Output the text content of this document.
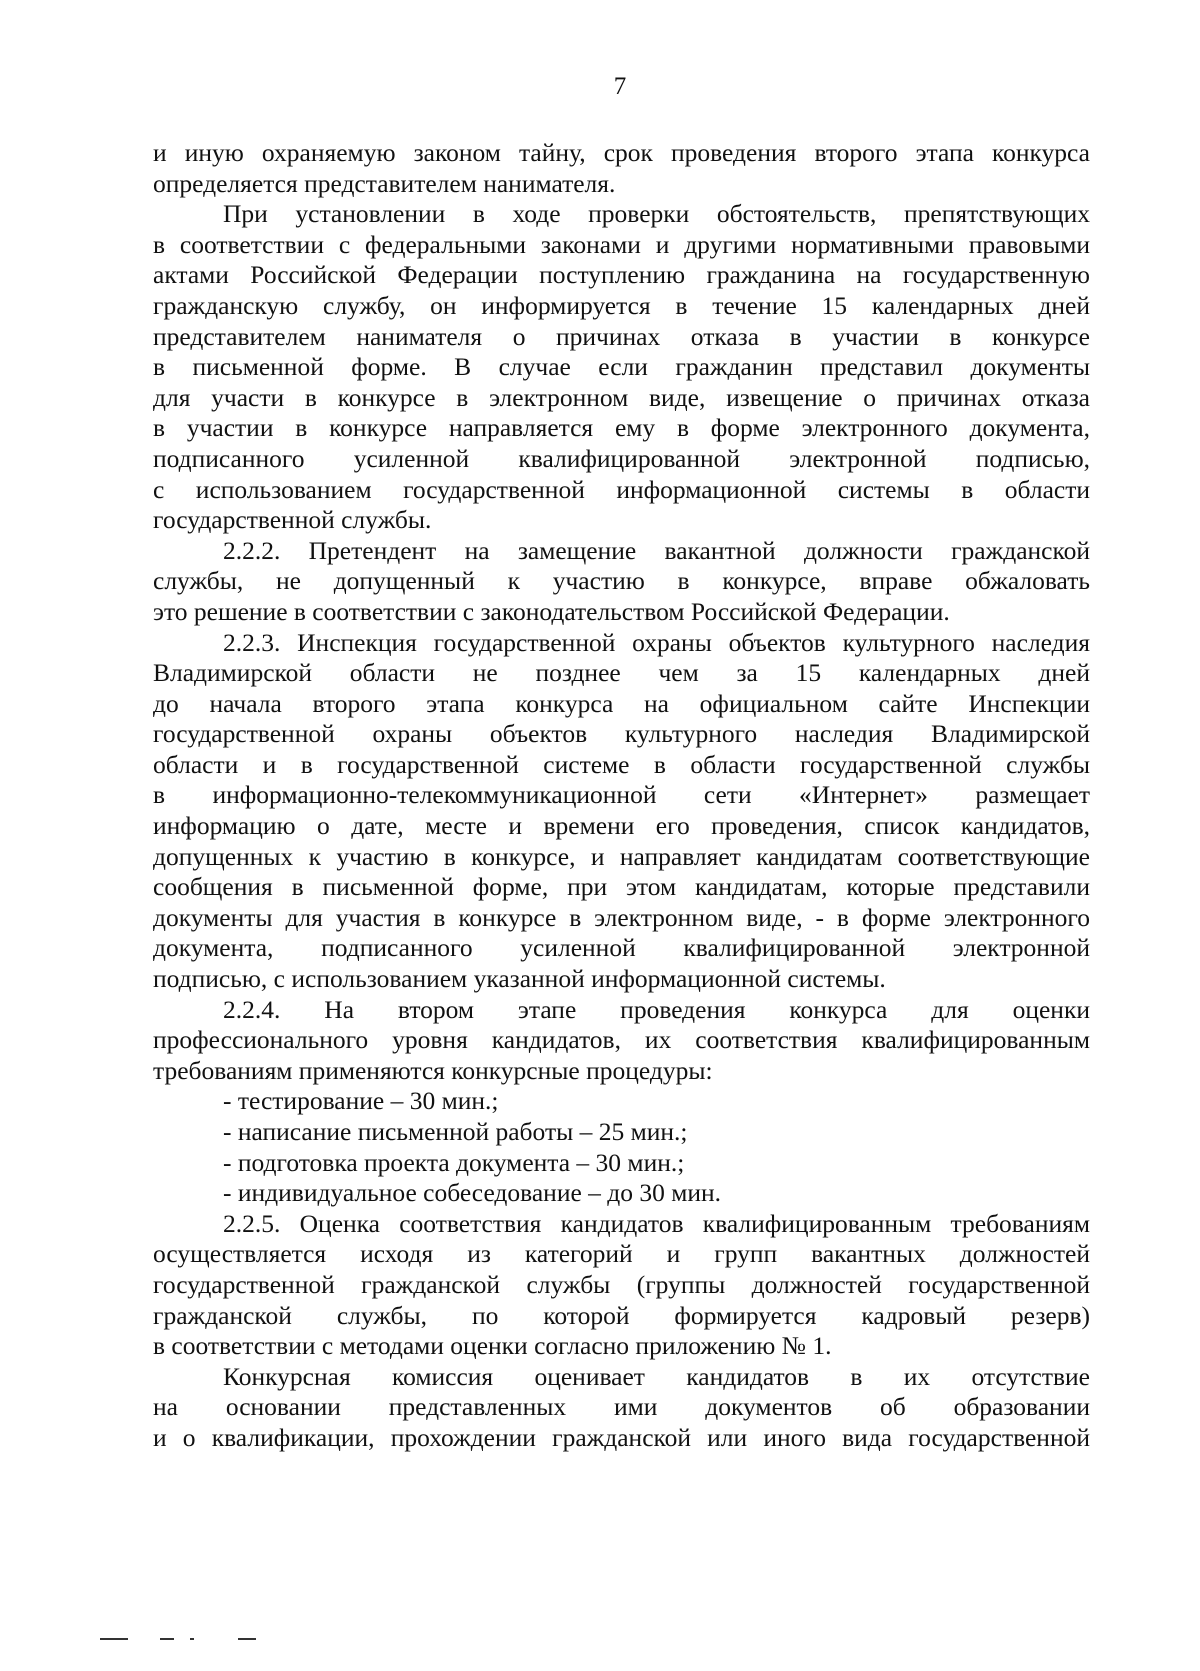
7

и иную охраняемую законом тайну, срок проведения второго этапа конкурса

определяется представителем нанимателя.

При установлении в ходе проверки обстоятельств, препятствующих

в соответствии с федеральными законами и другими нормативными правовыми

актами Российской Федерации поступлению гражданина на государственную

гражданскую службу, он информируется в течение 15 календарных дней

представителем нанимателя о причинах отказа в участии в конкурсе

в письменной форме. В случае если гражданин представил документы

для участи в конкурсе в электронном виде, извещение о причинах отказа

в участии в конкурсе направляется ему в форме электронного документа,

подписанного усиленной квалифицированной электронной подписью,

с использованием государственной информационной системы в области

государственной службы.

2.2.2. Претендент на замещение вакантной должности гражданской

службы, не допущенный к участию в конкурсе, вправе обжаловать

это решение в соответствии с законодательством Российской Федерации.

2.2.3. Инспекция государственной охраны объектов культурного наследия

Владимирской области не позднее чем за 15 календарных дней

до начала второго этапа конкурса на официальном сайте Инспекции

государственной охраны объектов культурного наследия Владимирской

области и в государственной системе в области государственной службы

в информационно-телекоммуникационной сети «Интернет» размещает

информацию о дате, месте и времени его проведения, список кандидатов,

допущенных к участию в конкурсе, и направляет кандидатам соответствующие

сообщения в письменной форме, при этом кандидатам, которые представили

документы для участия в конкурсе в электронном виде, - в форме электронного

документа, подписанного усиленной квалифицированной электронной

подписью, с использованием указанной информационной системы.

2.2.4. На втором этапе проведения конкурса для оценки

профессионального уровня кандидатов, их соответствия квалифицированным

требованиям применяются конкурсные процедуры:

- тестирование – 30 мин.;

- написание письменной работы – 25 мин.;

- подготовка проекта документа – 30 мин.;

- индивидуальное собеседование – до 30 мин.

2.2.5. Оценка соответствия кандидатов квалифицированным требованиям

осуществляется исходя из категорий и групп вакантных должностей

государственной гражданской службы (группы должностей государственной

гражданской службы, по которой формируется кадровый резерв)

в соответствии с методами оценки согласно приложению № 1.

Конкурсная комиссия оценивает кандидатов в их отсутствие

на основании представленных ими документов об образовании

и о квалификации, прохождении гражданской или иного вида государственной
